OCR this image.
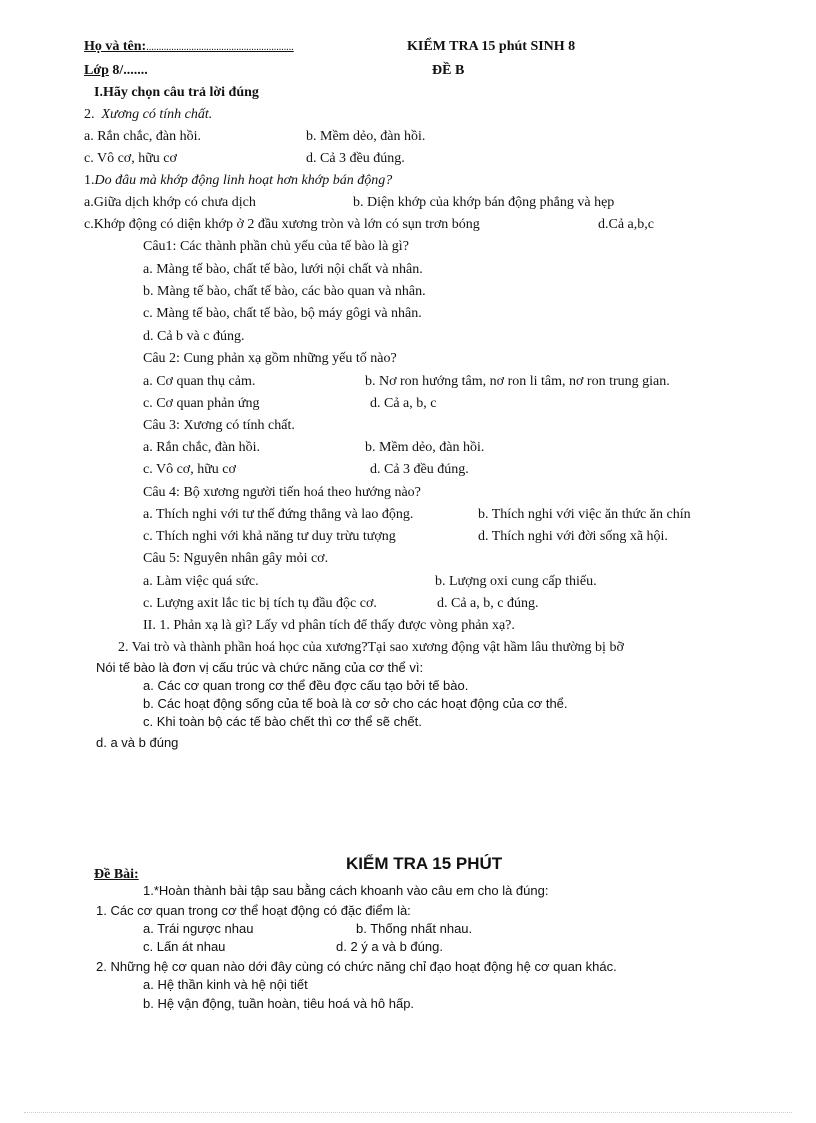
Họ và tên:...........................................................	KIỂM TRA 15 phút SINH 8
Lớp 8/.......	ĐỀ B
I.Hãy chọn câu trả lời đúng
2. Xương có tính chất.
a. Rắn chắc, đàn hồi.	b. Mềm dẻo, đàn hồi.
c. Vô cơ, hữu cơ	d. Cả 3 đều đúng.
1.Do đâu mà khớp động linh hoạt hơn khớp bán động?
a.Giữa dịch khớp có chưa dịch	b. Diện khớp của khớp bán động phẳng và hẹp
c.Khớp động có diện khớp ở 2 đầu xương tròn và lớn có sụn trơn bóng	d.Cả a,b,c
Câu1: Các thành phần chủ yếu của tế bào là gì?
a. Màng tế bào, chất tế bào, lưới nội chất và nhân.
b. Màng tế bào, chất tế bào, các bào quan và nhân.
c. Màng tế bào, chất tế bào, bộ máy gôgi và nhân.
d. Cả b và c đúng.
Câu 2: Cung phản xạ gồm những yếu tố nào?
a. Cơ quan thụ cảm.	b. Nơ ron hướng tâm, nơ ron li tâm, nơ ron trung gian.
c. Cơ quan phản ứng	d. Cả a, b, c
Câu 3: Xương có tính chất.
a. Rắn chắc, đàn hồi.	b. Mềm dẻo, đàn hồi.
c. Vô cơ, hữu cơ	d. Cả 3 đều đúng.
Câu 4: Bộ xương người tiến hoá theo hướng nào?
a. Thích nghi với tư thế đứng thẳng và lao động.	b. Thích nghi với việc ăn thức ăn chín
c. Thích nghi với khả năng tư duy trừu tượng	d. Thích nghi với đời sống xã hội.
Câu 5: Nguyên nhân gây mỏi cơ.
a. Làm việc quá sức.	b. Lượng oxi cung cấp thiếu.
c. Lượng axit lắc tic bị tích tụ đầu độc cơ.	d. Cả a, b, c đúng.
II. 1. Phản xạ là gì? Lấy vd phân tích để thấy được vòng phản xạ?.
2. Vai trò và thành phần hoá học của xương?Tại sao xương động vật hầm lâu thường bị bỡ
Nói tế bào là đơn vị cấu trúc và chức năng của cơ thể vì:
a. Các cơ quan trong cơ thể đều đợc cấu tạo bởi tế bào.
b. Các hoạt động sống của tế boà là cơ sở cho các hoạt động của cơ thể.
c. Khi toàn bộ các tế bào chết thì cơ thể sẽ chết.
d. a và b đúng
Đề Bài:
KIỂM TRA 15 PHÚT
1.*Hoàn thành bài tập sau bằng cách khoanh vào câu em cho là đúng:
1. Các cơ quan trong cơ thể hoạt động có đặc điểm là:
a. Trái ngược nhau	b. Thống nhất nhau.
c. Lấn át nhau	d. 2 ý a và b đúng.
2. Những hệ cơ quan nào dới đây cùng có chức năng chỉ đạo hoạt động hệ cơ quan khác.
a. Hệ thần kinh và hệ nội tiết
b. Hệ vận động, tuần hoàn, tiêu hoá và hô hấp.
